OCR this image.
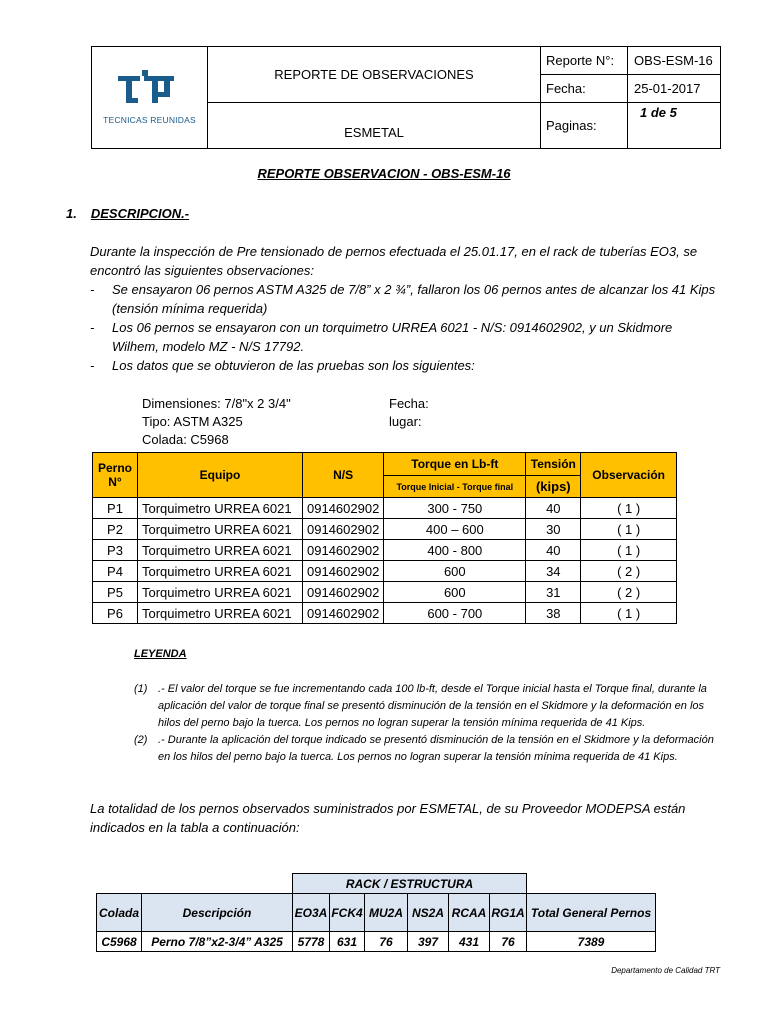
TECNICAS REUNIDAS	REPORTE DE OBSERVACIONES	Reporte N°:	OBS-ESM-16
		Fecha:	25-01-2017
	ESMETAL	Paginas:	1 de 5
REPORTE OBSERVACION - OBS-ESM-16
1. DESCRIPCION.-
Durante la inspección de Pre tensionado de pernos efectuada el 25.01.17, en el rack de tuberías EO3, se encontró las siguientes observaciones:
- Se ensayaron 06 pernos ASTM A325 de 7/8” x 2 ¾”, fallaron los 06 pernos antes de alcanzar los 41 Kips (tensión mínima requerida)
- Los 06 pernos se ensayaron con un torquimetro URREA 6021 - N/S: 0914602902, y un Skidmore Wilhem, modelo MZ - N/S 17792.
- Los datos que se obtuvieron de las pruebas son los siguientes:
Dimensiones: 7/8"x 2 3/4"
Tipo: ASTM A325
Colada: C5968
Fecha:
lugar:
Perno N°	Equipo	N/S	Torque en Lb-ft	Tensión	Observación
			Torque Inicial - Torque final	(kips)	
P1	Torquimetro URREA 6021	0914602902	300 - 750	40	( 1 )
P2	Torquimetro URREA 6021	0914602902	400 – 600	30	( 1 )
P3	Torquimetro URREA 6021	0914602902	400 - 800	40	( 1 )
P4	Torquimetro URREA 6021	0914602902	600	34	( 2 )
P5	Torquimetro URREA 6021	0914602902	600	31	( 2 )
P6	Torquimetro URREA 6021	0914602902	600 - 700	38	( 1 )
LEYENDA
(1) .- El valor del torque se fue incrementando cada 100 lb-ft, desde el Torque inicial hasta el Torque final, durante la aplicación del valor de torque final se presentó disminución de la tensión en el Skidmore y la deformación en los hilos del perno bajo la tuerca. Los pernos no logran superar la tensión mínima requerida de 41 Kips.
(2) .- Durante la aplicación del torque indicado se presentó disminución de la tensión en el Skidmore y la deformación en los hilos del perno bajo la tuerca. Los pernos no logran superar la tensión mínima requerida de 41 Kips.
La totalidad de los pernos observados suministrados por ESMETAL, de su Proveedor MODEPSA están indicados en la tabla a continuación:
		RACK / ESTRUCTURA						
Colada	Descripción	EO3A	FCK4	MU2A	NS2A	RCAA	RG1A	Total General Pernos
C5968	Perno 7/8”x2-3/4” A325	5778	631	76	397	431	76	7389
Departamento de Calidad TRT
